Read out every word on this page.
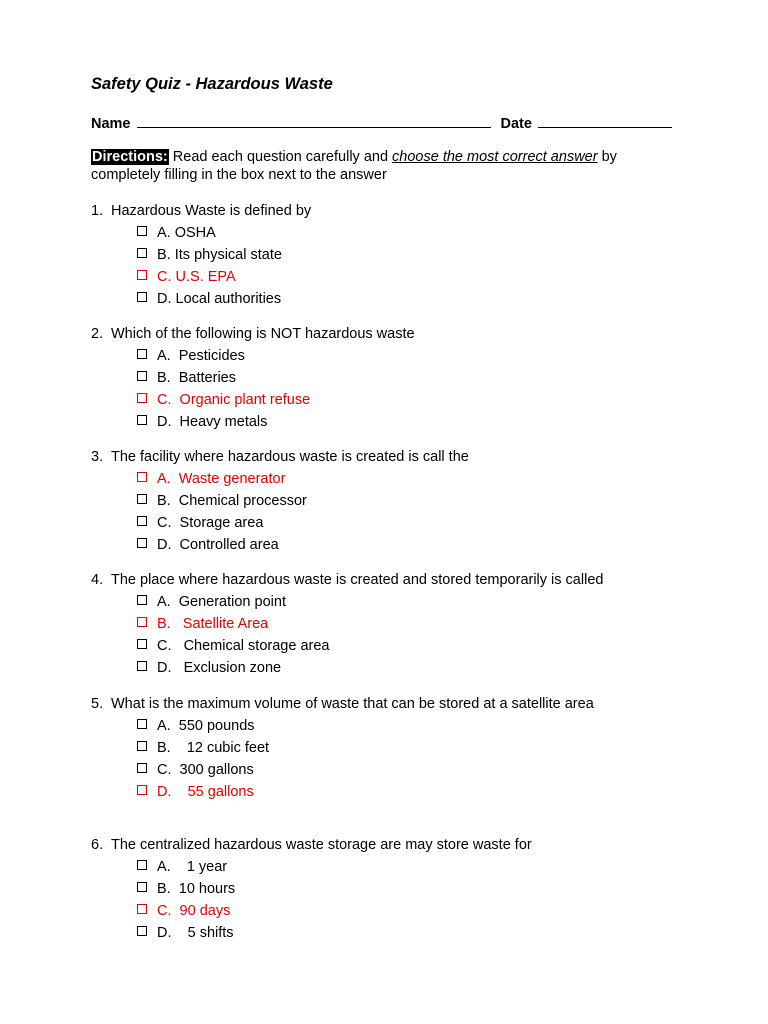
Safety Quiz - Hazardous Waste
Name	Date
Directions: Read each question carefully and choose the most correct answer by completely filling in the box next to the answer
1. Hazardous Waste is defined by
A. OSHA
B. Its physical state
C. U.S. EPA
D. Local authorities
2. Which of the following is NOT hazardous waste
A.  Pesticides
B.  Batteries
C.  Organic plant refuse
D.  Heavy metals
3. The facility where hazardous waste is created is call the
A.  Waste generator
B.  Chemical processor
C.  Storage area
D.  Controlled area
4. The place where hazardous waste is created and stored temporarily is called
A.  Generation point
B.   Satellite Area
C.   Chemical storage area
D.   Exclusion zone
5. What is the maximum volume of waste that can be stored at a satellite area
A.  550 pounds
B.    12 cubic feet
C.  300 gallons
D.    55 gallons
6. The centralized hazardous waste storage are may store waste for
A.    1 year
B.  10 hours
C.  90 days
D.    5 shifts
